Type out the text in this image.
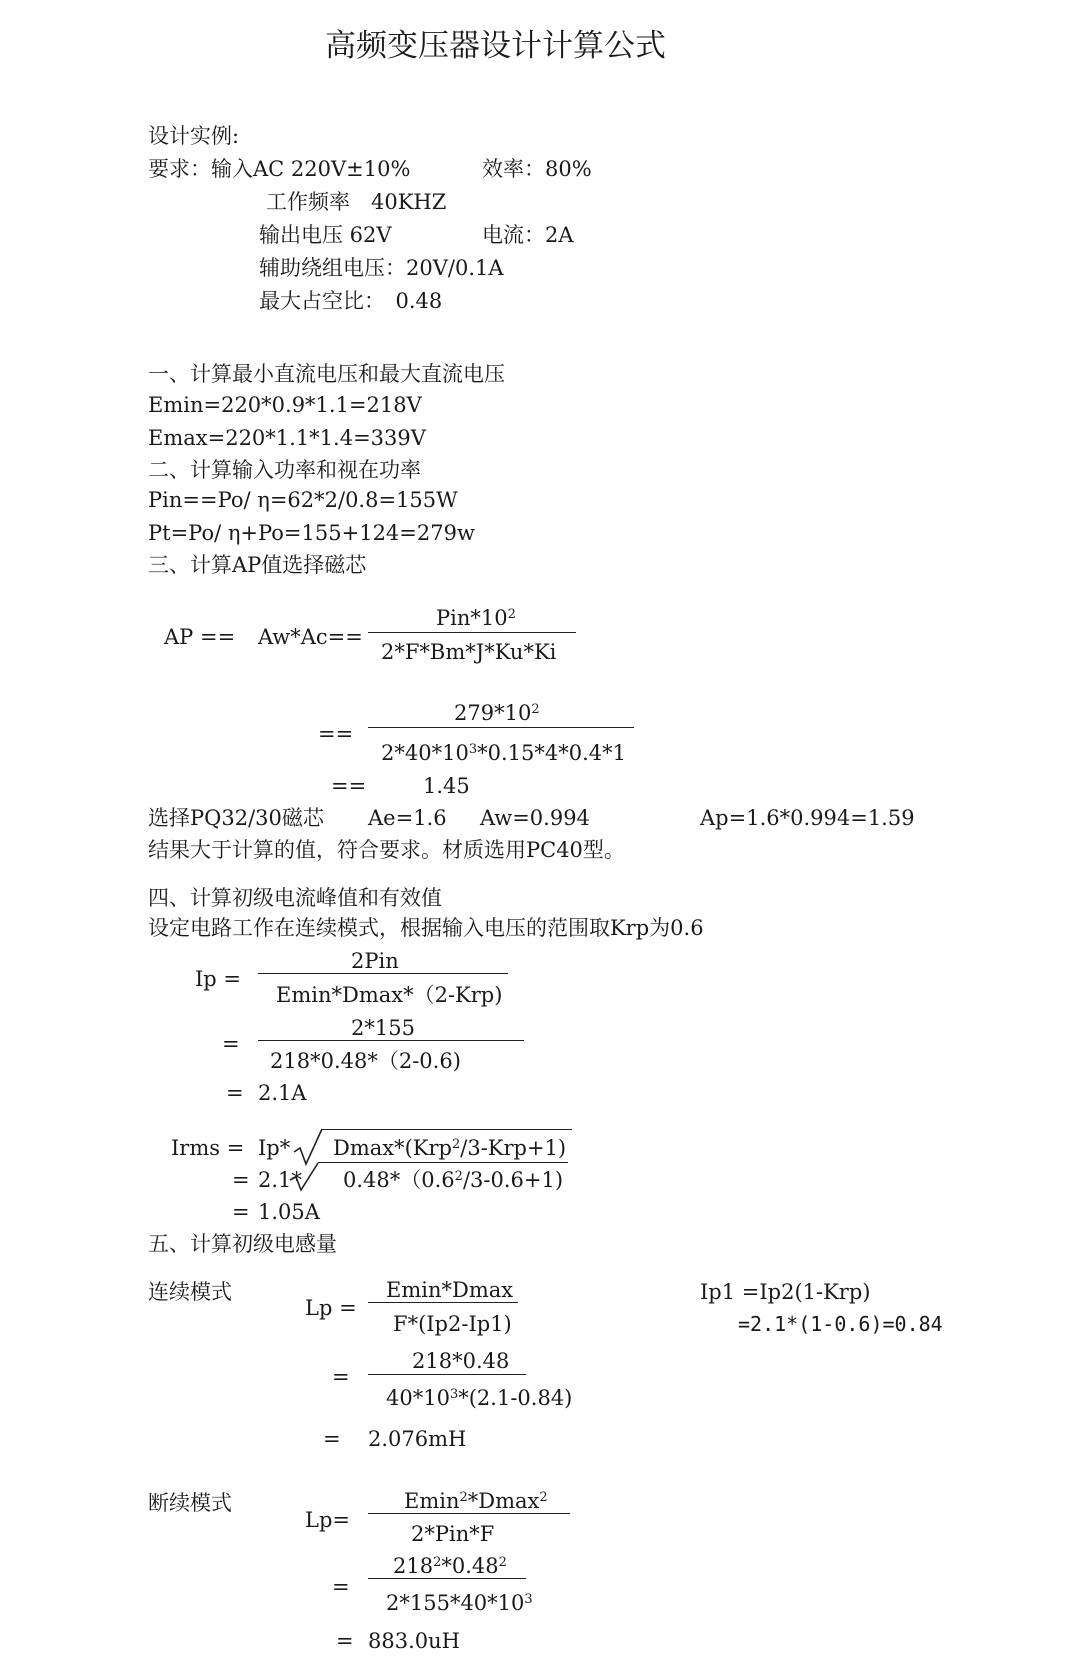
高频变压器设计计算公式
设计实例:
要求：输入AC 220V±10%	效率：80%
工作频率　40KHZ
输出电压 62V	电流：2A
辅助绕组电压：20V/0.1A
最大占空比：　0.48
一、计算最小直流电压和最大直流电压
Emin=220*0.9*1.1=218V
Emax=220*1.1*1.4=339V
二、计算输入功率和视在功率
Pin==Po/ η=62*2/0.8=155W
Pt=Po/ η+Po=155+124=279w
三、计算AP值选择磁芯
AP == Aw*Ac==
$Pin*10^2$
2*F*Bm*J*Ku*Ki
==
$279*10^2$
$2*40*10^3*0.15*4*0.4*1$
==	1.45
选择PQ32/30磁芯 Ae=1.6 Aw=0.994	Ap=1.6*0.994=1.59
结果大于计算的值，符合要求。材质选用PC40型。
四、计算初级电流峰值和有效值
设定电路工作在连续模式，根据输入电压的范围取Krp为0.6
Ip =
2Pin
Emin*Dmax*（2-Krp)
=
2*155
218*0.48*（2-0.6)
= 2.1A
Irms = Ip* Dmax*(Krp$^2$/3-Krp+1)
= 2.1* $0.48*(0.6^2/3-0.6+1)$
= 1.05A
五、计算初级电感量
连续模式
Lp =
Emin*Dmax
F*(Ip2-Ip1)
Ip1 =Ip2(1-Krp)
=2.1*(1-0.6)=0.84
=
218*0.48
$40*10^3*(2.1-0.84)$
= 2.076mH
断续模式
Lp=
Emin$^2$*Dmax$^2$
2*Pin*F
=
$218^2*0.48^2$
$2*155*40*10^3$
= 883.0uH
